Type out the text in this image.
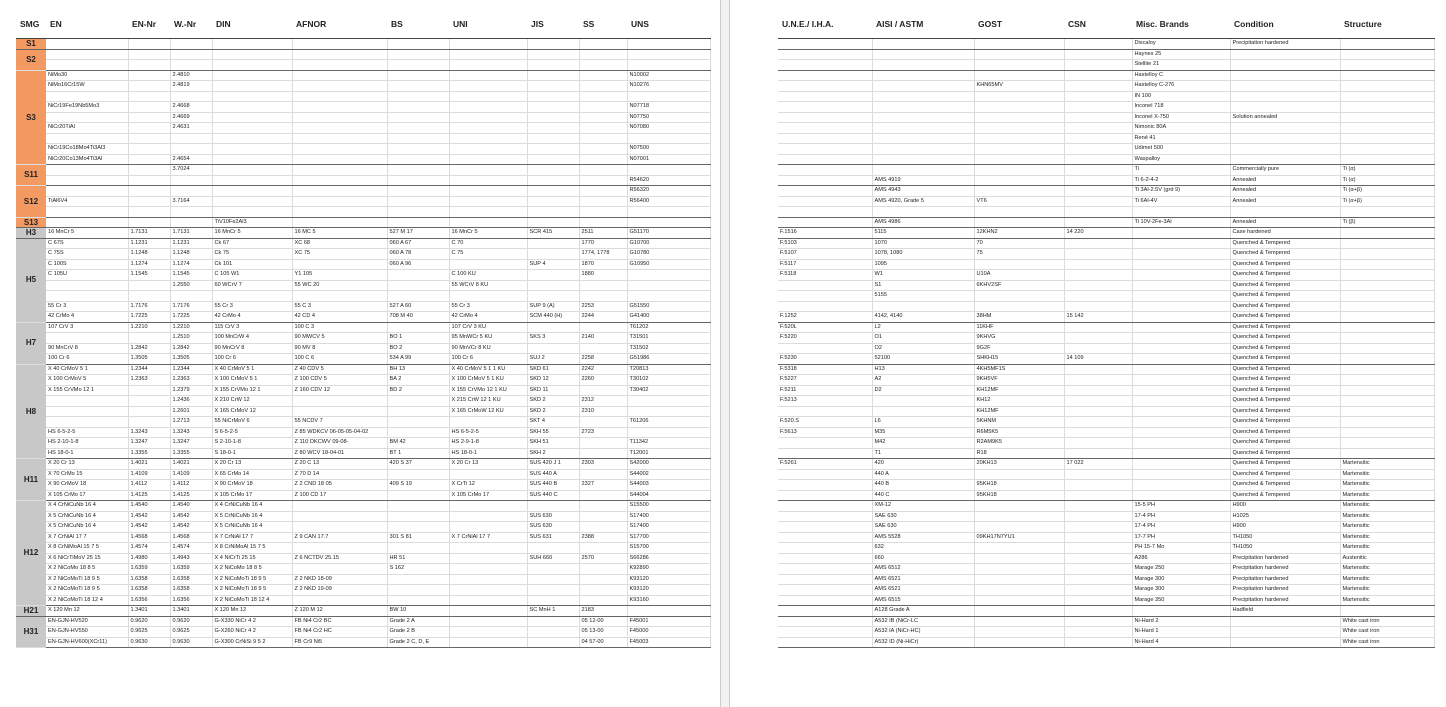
SMG	EN	EN-Nr	W.-Nr	DIN	AFNOR	BS	UNI	JIS	SS	UNS
S1										
S2										

S3	NiMo30		2.4810							N10002
	NiMo16Cr15W		2.4819							N10276

	NiCr19Fe19Nb5Mo3		2.4668							N07718
			2.4669							N07750
	NiCr20TiAl		2.4631							N07080

	NiCr19Co18Mo4Ti3Al3									N07500
	NiCr20Co13Mo4Ti3Al		2.4654							N07001
S11			3.7024							
										R54620
S12										R56320
	TiAl6V4		3.7164							R56400

S13				TiV10Fe2Al3						
H3	16 MnCr 5	1.7131	1.7131	16 MnCr 5	16 MC 5	527 M 17	16 MnCr 5	SCR 415	2511	G51170
H5	C 67S	1.1231	1.1231	Ck 67	XC 68	060 A 67	C 70		1770	G10700
	C 75S	1.1248	1.1248	Ck 75	XC 75	060 A 78	C 75		1774, 1778	G10780
	C 100S	1.1274	1.1274	Ck 101		060 A 96		SUP 4	1870	G10950
	C 105U	1.1545	1.1545	C 105 W1	Y1 105		C 100 KU		1880	
			1.2550	60 WCrV 7	55 WC 20		55 WCrV 8 KU			

	55 Cr 3	1.7176	1.7176	55 Cr 3	55 C 3	527 A 60	55 Cr 3	SUP 9 (A)	2253	G51550
	42 CrMo 4	1.7225	1.7225	42 CrMo 4	42 CD 4	708 M 40	42 CrMo 4	SCM 440 (H)	2244	G41400
H7	107 CrV 3	1.2210	1.2210	115 CrV 3	100 C 3		107 CrV 3 KU			T61202
			1.2510	100 MnCrW 4	90 MWCV 5	BO 1	95 MnWCr 5 KU	SKS 3	2140	T31501
	90 MnCrV 8	1.2842	1.2842	90 MnCrV 8	90 MV 8	BO 2	90 MnVCr 8 KU			T31502
	100 Cr 6	1.3505	1.3505	100 Cr 6	100 C 6	534 A 99	100 Cr 6	SUJ 2	2258	G51986
H8	X 40 CrMoV 5 1	1.2344	1.2344	X 40 CrMoV 5 1	Z 40 CDV 5	BH 13	X 40 CrMoV 5 1 1 KU	SKD 61	2242	T20813
	X 100 CrMoV 5	1.2363	1.2363	X 100 CrMoV 5 1	Z 100 CDV 5	BA 2	X 100 CrMoV 5 1 KU	SKD 12	2260	T30102
	X 155 CrVMo 12 1		1.2379	X 155 CrVMo 12 1	Z 160 CDV 12	BD 2	X 155 CrVMo 12 1 KU	SKD 11		T30402
			1.2436	X 210 CrW 12			X 215 CrW 12 1 KU	SKD 2	2312	
			1.2601	X 165 CrMoV 12			X 165 CrMoW 12 KU	SKD 2	2310	
			1.2713	55 NiCrMoV 6	55 NCDV 7			SKT 4		T61206
	HS 6-5-2-5	1.3243	1.3243	S 6-5-2-5	Z 85 WDKCV 06-05-05-04-02		HS 6-5-2-5	SKH 55	2723	
	HS 2-10-1-8	1.3247	1.3247	S 2-10-1-8	Z 110 DKCWV 09-08-	BM 42	HS 2-9-1-8	SKH 51		T11342
	HS 18-0-1	1.3355	1.3355	S 18-0-1	Z 80 WCV 18-04-01	BT 1	HS 18-0-1	SKH 2		T12001
H11	X 20 Cr 13	1.4021	1.4021	X 20 Cr 13	Z 20 C 13	420 S 37	X 20 Cr 13	SUS 420 J 1	2303	S42000
	X 70 CrMo 15	1.4109	1.4109	X 65 CrMo 14	Z 70 D 14			SUS 440 A		S44002
	X 90 CrMoV 18	1.4112	1.4112	X 90 CrMoV 18	Z 2 CND 18 05	409 S 19	X CrTi 12	SUS 440 B	2327	S44003
	X 105 CrMo 17	1.4125	1.4125	X 105 CrMo 17	Z 100 CD 17		X 105 CrMo 17	SUS 440 C		S44004
H12	X 4 CrNiCuNb 16 4	1.4540	1.4540	X 4 CrNiCuNb 16 4						S15500
	X 5 CrNiCuNb 16 4	1.4542	1.4542	X 5 CrNiCuNb 16 4				SUS 630		S17400
	X 5 CrNiCuNb 16 4	1.4542	1.4542	X 5 CrNiCuNb 16 4				SUS 630		S17400
	X 7 CrNiAl 17 7	1.4568	1.4568	X 7 CrNiAl 17 7	Z 9 CAN 17.7	301 S 81	X 7 CrNiAl 17 7	SUS 631	2388	S17700
	X 8 CrNiMoAl 15 7 5	1.4574	1.4574	X 8 CrNiMoAl 15 7 5						S15700
	X 6 NiCrTiMoV 25 15	1.4980	1.4943	X 4 NiCrTi 25 15	Z 6 NCTDV 25.15	HR 51		SUH 660	2570	S66286
	X 2 NiCoMo 18 8 5	1.6359	1.6359	X 2 NiCoMo 18 8 5		S 162				K92890
	X 2 NiCoMoTi 18 9 5	1.6358	1.6358	X 2 NiCoMoTi 18 9 5	Z 2 NKD 18-09					K93120
	X 2 NiCoMoTi 18 9 5	1.6358	1.6358	X 2 NiCoMoTi 18 9 5	Z 2 NKD 19-09					K93120
	X 2 NiCoMoTi 18 12 4	1.6356	1.6356	X 2 NiCoMoTi 18 12 4						K93160
H21	X 120 Mn 12	1.3401	1.3401	X 120 Mn 12	Z 120 M 12	BW 10		SC MnH 1	2183	
H31	EN-GJN-HV520	0.9620	0.9620	G-X330 NiCr 4 2	FB Ni4 Cr2 BC	Grade 2 A			05 12-00	F45001
	EN-GJN-HV550	0.9625	0.9625	G-X260 NiCr 4 2	FB Ni4 Cr2 HC	Grade 2 B			05 13-00	F45000
	EN-GJN-HV600(XCr11)	0.9630	0.9630	G-X300 CrNiSi 9 5 2	FB Cr9 Ni5	Grade 2 C, D, E			04 57-00	F45003
U.N.E./ I.H.A.	AISI / ASTM	GOST	CSN	Misc. Brands	Condition	Structure
				Discaloy	Precipitation hardened	
				Haynes 25		
				Stellite 21		
				Hastelloy C		
		KHN65MV		Hastelloy C-276		
				IN 100		
				Inconel 718		
				Inconel X-750	Solution annealed	
				Nimonic 80A		
				René 41		
				Udimet 500		
				Waspalloy		
				Ti	Commercially pure	Ti (α)
	AMS 4919			Ti 6-2-4-2	Annealed	Ti (α)
	AMS 4943			Ti 3Al-2.5V (grd 9)	Annealed	Ti (α+β)
	AMS 4920, Grade 5	VT6		Ti 6Al-4V	Annealed	Ti (α+β)

	AMS 4986			Ti 10V-2Fe-3Al	Annealed	Ti (β)
F.1516	5115	12KHN2	14 220		Case hardened	
F.5103	1070	70			Quenched & Tempered	
F.5107	1078, 1080	75			Quenched & Tempered	
F.5117	1095				Quenched & Tempered	
F.5118	W1	U10A			Quenched & Tempered	
	S1	6KHV2SF			Quenched & Tempered	
	5155				Quenched & Tempered	
					Quenched & Tempered	
F.1252	4142, 4140	38HM	15 142		Quenched & Tempered	
F.520L	L2	11KHF			Quenched & Tempered	
F.5220	O1	9KHVG			Quenched & Tempered	
	O2	9G2F			Quenched & Tempered	
F.5230	52100	SHKH15	14 109		Quenched & Tempered	
F.5318	H13	4KH5MF1S			Quenched & Tempered	
F.5227	A2	9KH5VF			Quenched & Tempered	
F.5211	D2	KH12MF			Quenched & Tempered	
F.5213		KH12			Quenched & Tempered	
		KH12MF			Quenched & Tempered	
F.520.S	L6	5KHNM			Quenched & Tempered	
F.5613	M35	R6M5K5			Quenched & Tempered	
	M42	R2AM9K5			Quenched & Tempered	
	T1	R18			Quenched & Tempered	
F.5261	420	20KH13	17 022		Quenched & Tempered	Martensitic
	440 A				Quenched & Tempered	Martensitic
	440 B	95KH18			Quenched & Tempered	Martensitic
	440 C	95KH18			Quenched & Tempered	Martensitic
	XM-12			15-5 PH	H900	Martensitic
	SAE 630			17-4 PH	H1025	Martensitic
	SAE 630			17-4 PH	H900	Martensitic
	AMS 5528	09KH17N7YU1		17-7 PH	TH1050	Martensitic
	632			PH 15-7 Mo	TH1050	Martensitic
	660			A286	Precipitation hardened	Austenitic
	AMS 6512			Marage 250	Precipitation hardened	Martensitic
	AMS 6521			Marage 300	Precipitation hardened	Martensitic
	AMS 6521			Marage 300	Precipitation hardened	Martensitic
	AMS 6515			Marage 350	Precipitation hardened	Martensitic
	A128 Grade A				Hadfield	
	A532 IB (NiCr-LC			Ni-Hard 2		White cast iron
	A532 IA (NiCr-HC)			Ni-Hard 1		White cast iron
	A532 ID (Ni-HiCr)			Ni-Hard 4		White cast iron
